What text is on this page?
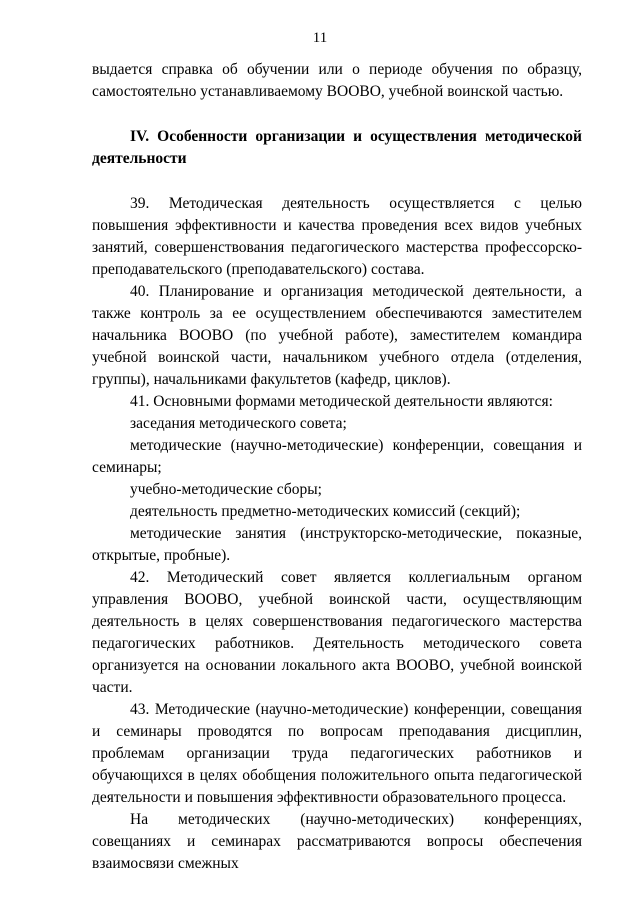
11

выдается справка об обучении или о периоде обучения по образцу, самостоятельно устанавливаемому ВООВО, учебной воинской частью.

IV. Особенности организации и осуществления методической деятельности

39. Методическая деятельность осуществляется с целью повышения эффективности и качества проведения всех видов учебных занятий, совершенствования педагогического мастерства профессорско-преподавательского (преподавательского) состава.

40. Планирование и организация методической деятельности, а также контроль за ее осуществлением обеспечиваются заместителем начальника ВООВО (по учебной работе), заместителем командира учебной воинской части, начальником учебного отдела (отделения, группы), начальниками факультетов (кафедр, циклов).

41. Основными формами методической деятельности являются:

заседания методического совета;

методические (научно-методические) конференции, совещания и семинары;

учебно-методические сборы;

деятельность предметно-методических комиссий (секций);

методические занятия (инструкторско-методические, показные, открытые, пробные).

42. Методический совет является коллегиальным органом управления ВООВО, учебной воинской части, осуществляющим деятельность в целях совершенствования педагогического мастерства педагогических работников. Деятельность методического совета организуется на основании локального акта ВООВО, учебной воинской части.

43. Методические (научно-методические) конференции, совещания и семинары проводятся по вопросам преподавания дисциплин, проблемам организации труда педагогических работников и обучающихся в целях обобщения положительного опыта педагогической деятельности и повышения эффективности образовательного процесса.

На методических (научно-методических) конференциях, совещаниях и семинарах рассматриваются вопросы обеспечения взаимосвязи смежных
